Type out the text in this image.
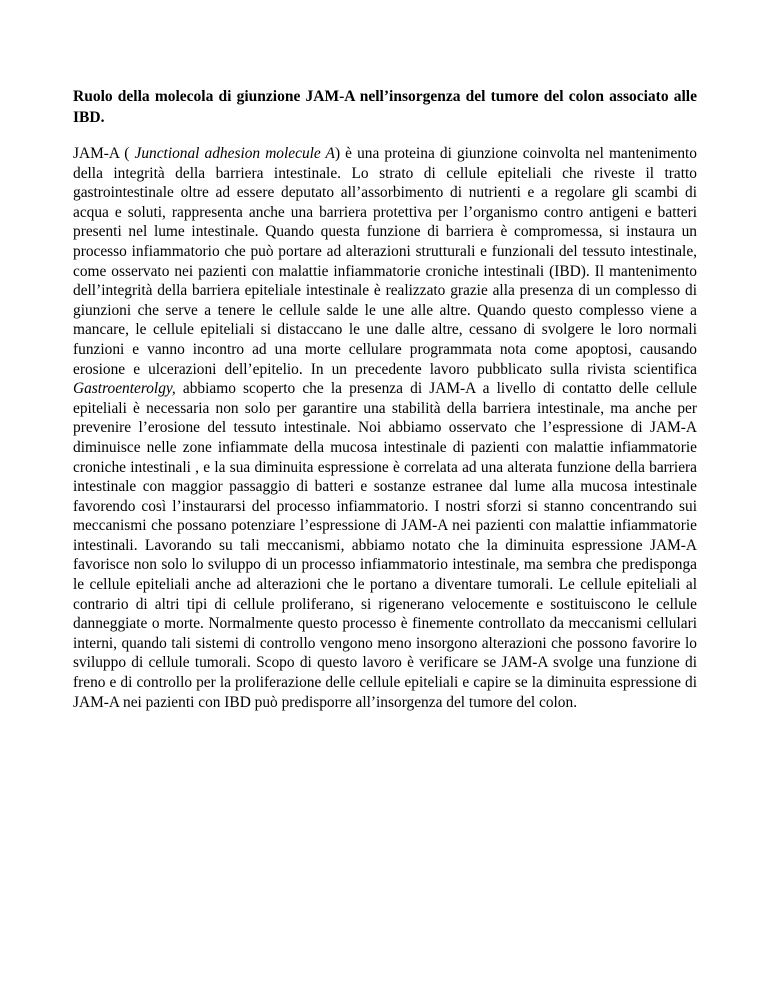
Ruolo della molecola di giunzione JAM-A nell’insorgenza del tumore del colon associato alle IBD.

JAM-A ( Junctional adhesion molecule A) è una proteina di giunzione coinvolta nel mantenimento della integrità della barriera intestinale. Lo strato di cellule epiteliali che riveste il tratto gastrointestinale oltre ad essere deputato all’assorbimento di nutrienti e a regolare gli scambi di acqua e soluti, rappresenta anche una barriera protettiva per l’organismo contro antigeni e batteri presenti nel lume intestinale. Quando questa funzione di barriera è compromessa, si instaura un processo infiammatorio che può portare ad alterazioni strutturali e funzionali del tessuto intestinale, come osservato nei pazienti con malattie infiammatorie croniche intestinali (IBD). Il mantenimento dell’integrità della barriera epiteliale intestinale è realizzato grazie alla presenza di un complesso di giunzioni che serve a tenere le cellule salde le une alle altre. Quando questo complesso viene a mancare, le cellule epiteliali si distaccano le une dalle altre, cessano di svolgere le loro normali funzioni e vanno incontro ad una morte cellulare programmata nota come apoptosi, causando erosione e ulcerazioni dell’epitelio. In un precedente lavoro pubblicato sulla rivista scientifica Gastroenterolgy, abbiamo scoperto che la presenza di JAM-A a livello di contatto delle cellule epiteliali è necessaria non solo per garantire una stabilità della barriera intestinale, ma anche per prevenire l’erosione del tessuto intestinale. Noi abbiamo osservato che l’espressione di JAM-A diminuisce nelle zone infiammate della mucosa intestinale di pazienti con malattie infiammatorie croniche intestinali , e la sua diminuita espressione è correlata ad una alterata funzione della barriera intestinale con maggior passaggio di batteri e sostanze estranee dal lume alla mucosa intestinale favorendo così l’instaurarsi del processo infiammatorio. I nostri sforzi si stanno concentrando sui meccanismi che possano potenziare l’espressione di JAM-A nei pazienti con malattie infiammatorie intestinali. Lavorando su tali meccanismi, abbiamo notato che la diminuita espressione JAM-A favorisce non solo lo sviluppo di un processo infiammatorio intestinale, ma sembra che predisponga le cellule epiteliali anche ad alterazioni che le portano a diventare tumorali. Le cellule epiteliali al contrario di altri tipi di cellule proliferano, si rigenerano velocemente e sostituiscono le cellule danneggiate o morte. Normalmente questo processo è finemente controllato da meccanismi cellulari interni, quando tali sistemi di controllo vengono meno insorgono alterazioni che possono favorire lo sviluppo di cellule tumorali. Scopo di questo lavoro è verificare se JAM-A svolge una funzione di freno e di controllo per la proliferazione delle cellule epiteliali e capire se la diminuita espressione di JAM-A nei pazienti con IBD può predisporre all’insorgenza del tumore del colon.
